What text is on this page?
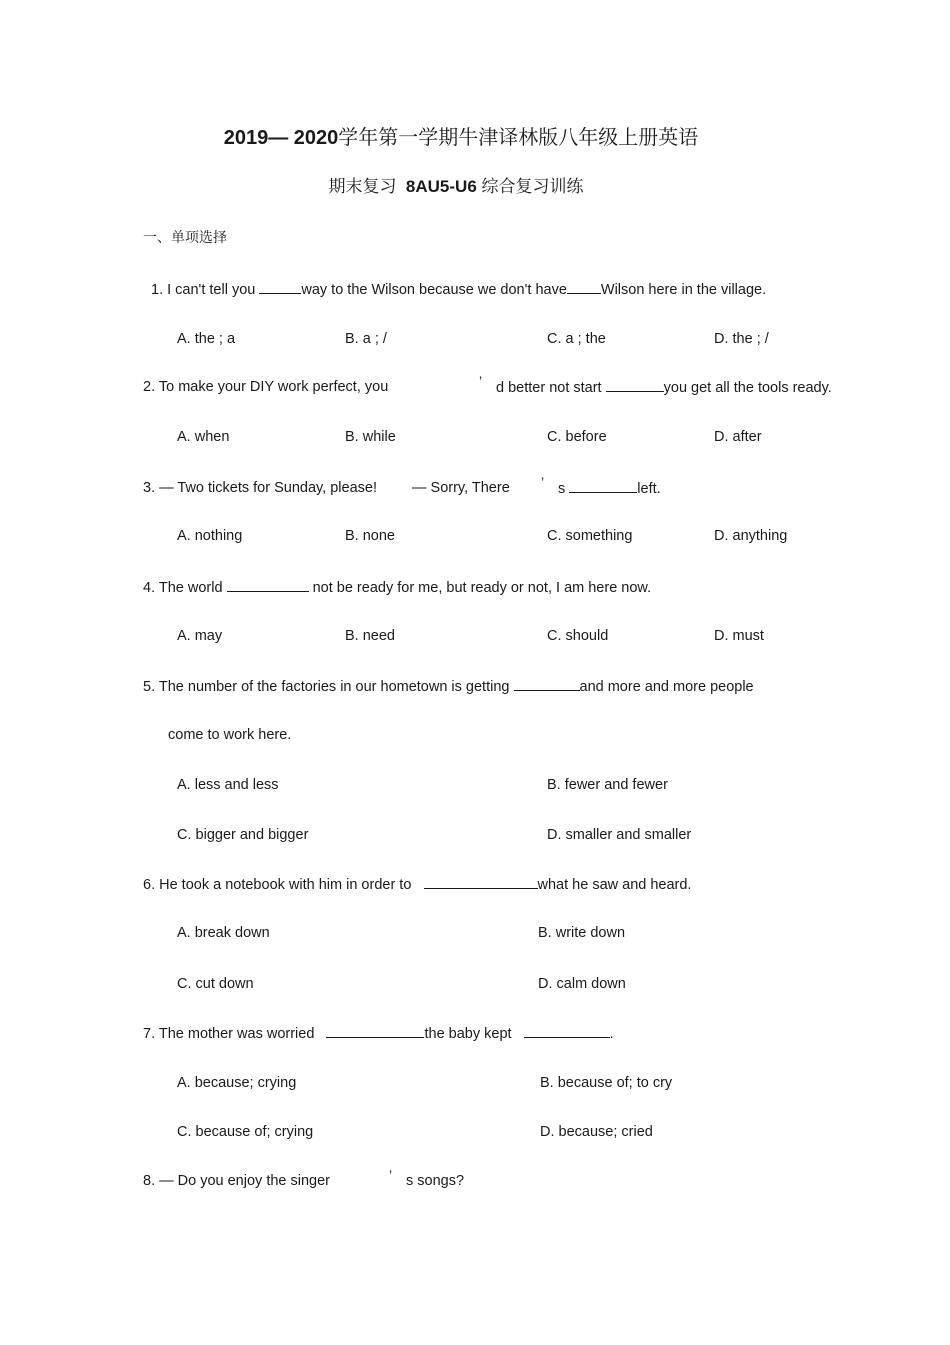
2019— 2020学年第一学期牛津译林版八年级上册英语
期末复习 8AU5-U6 综合复习训练
一、单项选择
1. I can't tell you	way to the Wilson because we don't have Wilson here in the village.
A. the ; a	B. a ; /	C. a ; the	D. the ; /
2. To make your DIY work perfect, you	’ d better not start	you get all the tools ready.
A. when	B. while	C. before	D. after
3. — Two tickets for Sunday, please! — Sorry, There ’ s	left.
A. nothing	B. none	C. something	D. anything
4. The world	not be ready for me, but ready or not, I am here now.
A. may	B. need	C. should	D. must
5. The number of the factories in our hometown is getting	and more and more people
come to work here.
A. less and less	B. fewer and fewer
C. bigger and bigger	D. smaller and smaller
6. He took a notebook with him in order to	what he saw and heard.
A. break down	B. write down
C. cut down	D. calm down
7. The mother was worried	the baby kept	.
A. because; crying	B. because of; to cry
C. because of; crying	D. because; cried
8. — Do you enjoy the singer	’ s songs?
